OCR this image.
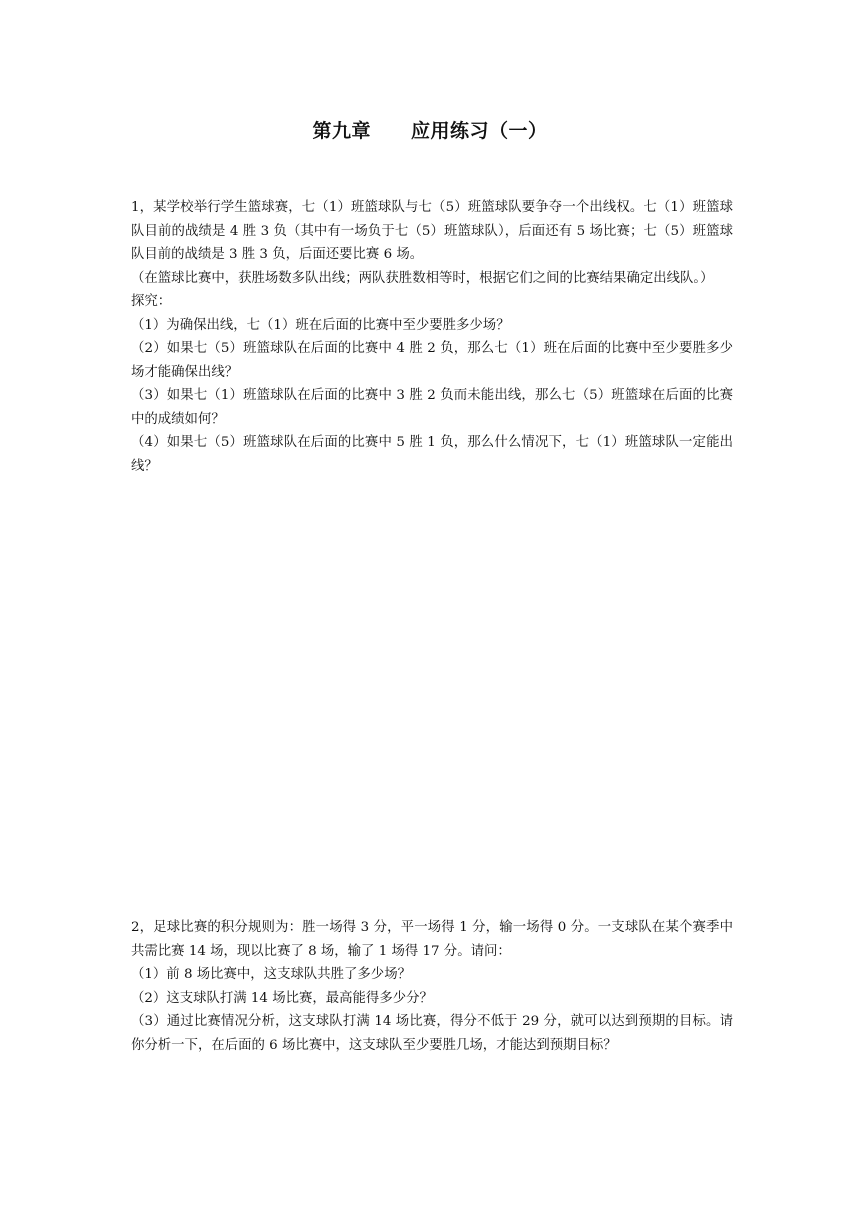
第九章 应用练习（一）

1，某学校举行学生篮球赛，七（1）班篮球队与七（5）班篮球队要争夺一个出线权。七（1）班篮球队目前的战绩是 4 胜 3 负（其中有一场负于七（5）班篮球队），后面还有 5 场比赛；七（5）班篮球队目前的战绩是 3 胜 3 负，后面还要比赛 6 场。

（在篮球比赛中，获胜场数多队出线；两队获胜数相等时，根据它们之间的比赛结果确定出线队。）

探究：

（1）为确保出线，七（1）班在后面的比赛中至少要胜多少场？

（2）如果七（5）班篮球队在后面的比赛中 4 胜 2 负，那么七（1）班在后面的比赛中至少要胜多少场才能确保出线？

（3）如果七（1）班篮球队在后面的比赛中 3 胜 2 负而未能出线，那么七（5）班篮球在后面的比赛中的成绩如何？

（4）如果七（5）班篮球队在后面的比赛中 5 胜 1 负，那么什么情况下，七（1）班篮球队一定能出线？

2，足球比赛的积分规则为：胜一场得 3 分，平一场得 1 分，输一场得 0 分。一支球队在某个赛季中共需比赛 14 场，现以比赛了 8 场，输了 1 场得 17 分。请问：

（1）前 8 场比赛中，这支球队共胜了多少场？

（2）这支球队打满 14 场比赛，最高能得多少分？

（3）通过比赛情况分析，这支球队打满 14 场比赛，得分不低于 29 分，就可以达到预期的目标。请你分析一下，在后面的 6 场比赛中，这支球队至少要胜几场，才能达到预期目标？
